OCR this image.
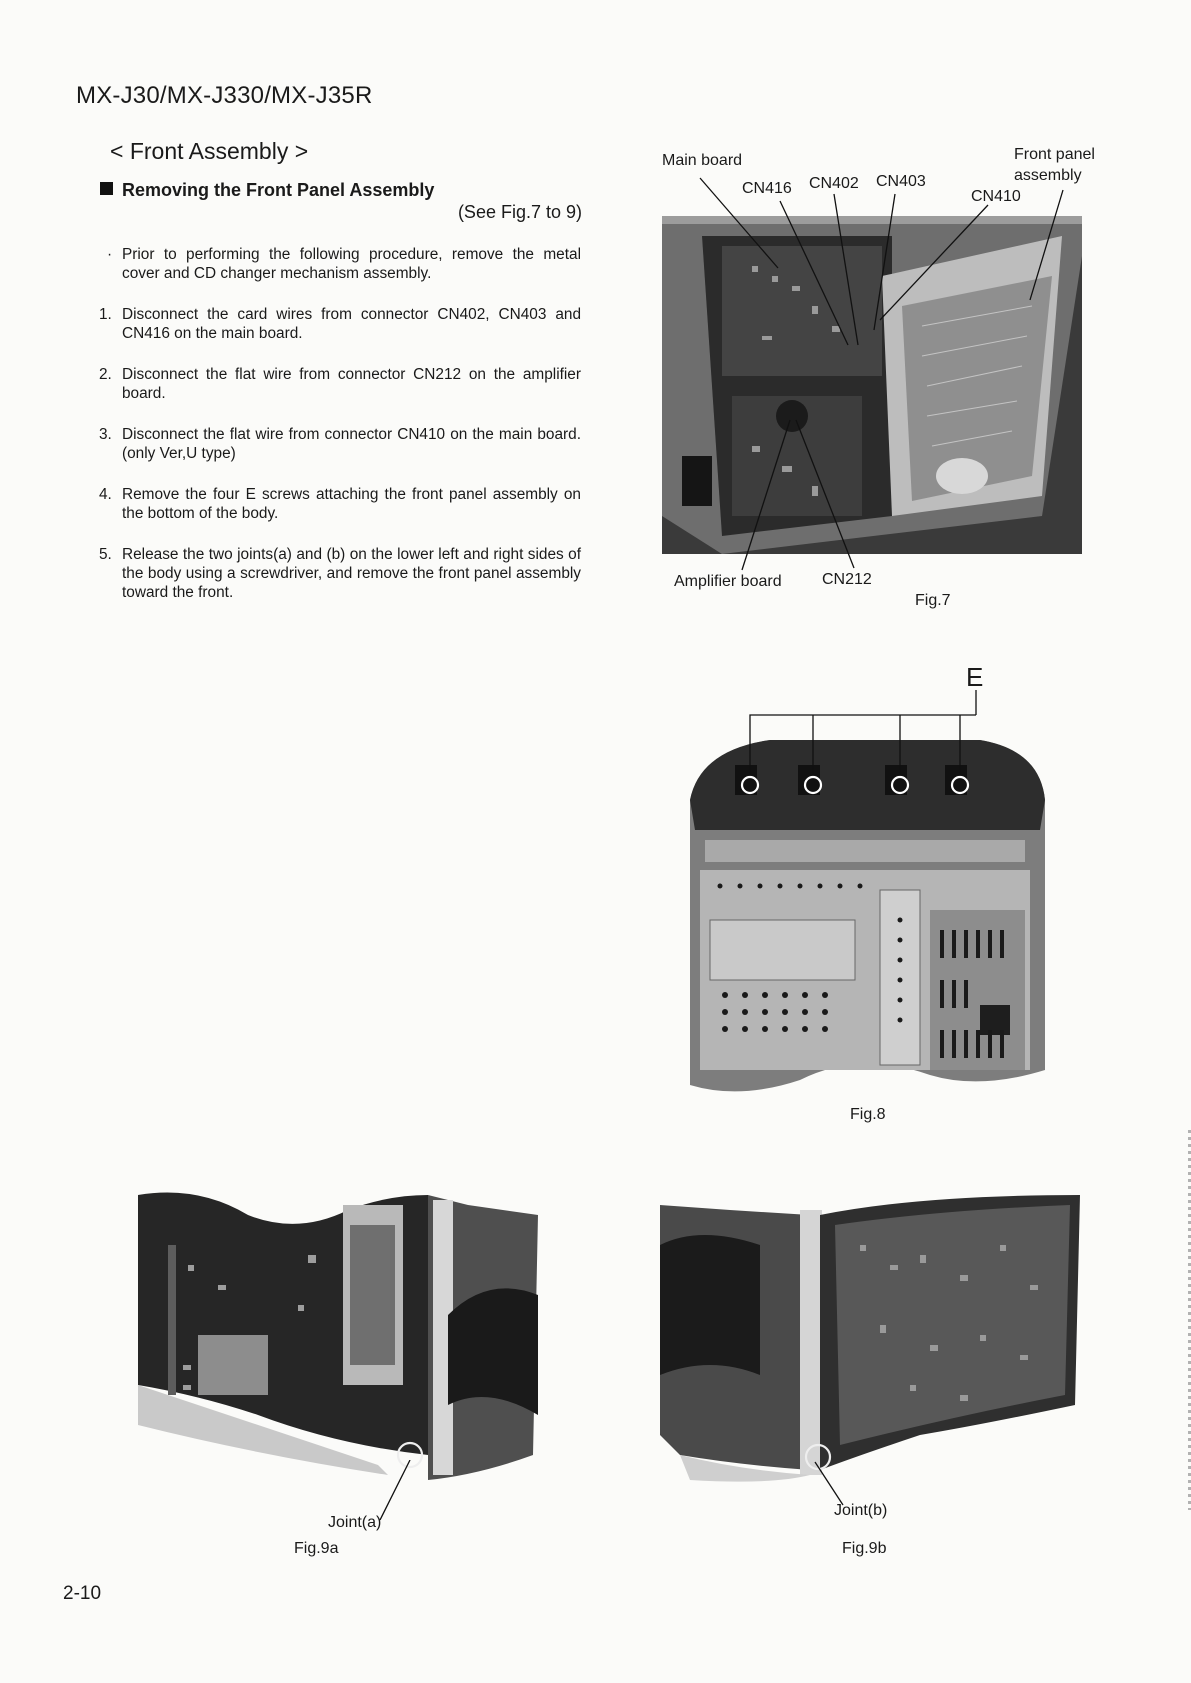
MX-J30/MX-J330/MX-J35R
< Front Assembly >
Removing the Front Panel Assembly
(See Fig.7 to 9)
· Prior to performing the following procedure, remove the metal cover and CD changer mechanism assembly.
1. Disconnect the card wires from connector CN402, CN403 and CN416 on the main board.
2. Disconnect the flat wire from connector CN212 on the amplifier board.
3. Disconnect the flat wire from connector CN410 on the main board. (only Ver,U type)
4. Remove the four E screws attaching the front panel assembly on the bottom of the body.
5. Release the two joints(a) and (b) on the lower left and right sides of the body using a screwdriver, and remove the front panel assembly toward the front.
Main board	Front panel
assembly
CN416 CN402 CN403
CN410
Amplifier board	CN212
Fig.7
E
Fig.8
Joint(a)
Fig.9a
Joint(b)
Fig.9b
2-10
